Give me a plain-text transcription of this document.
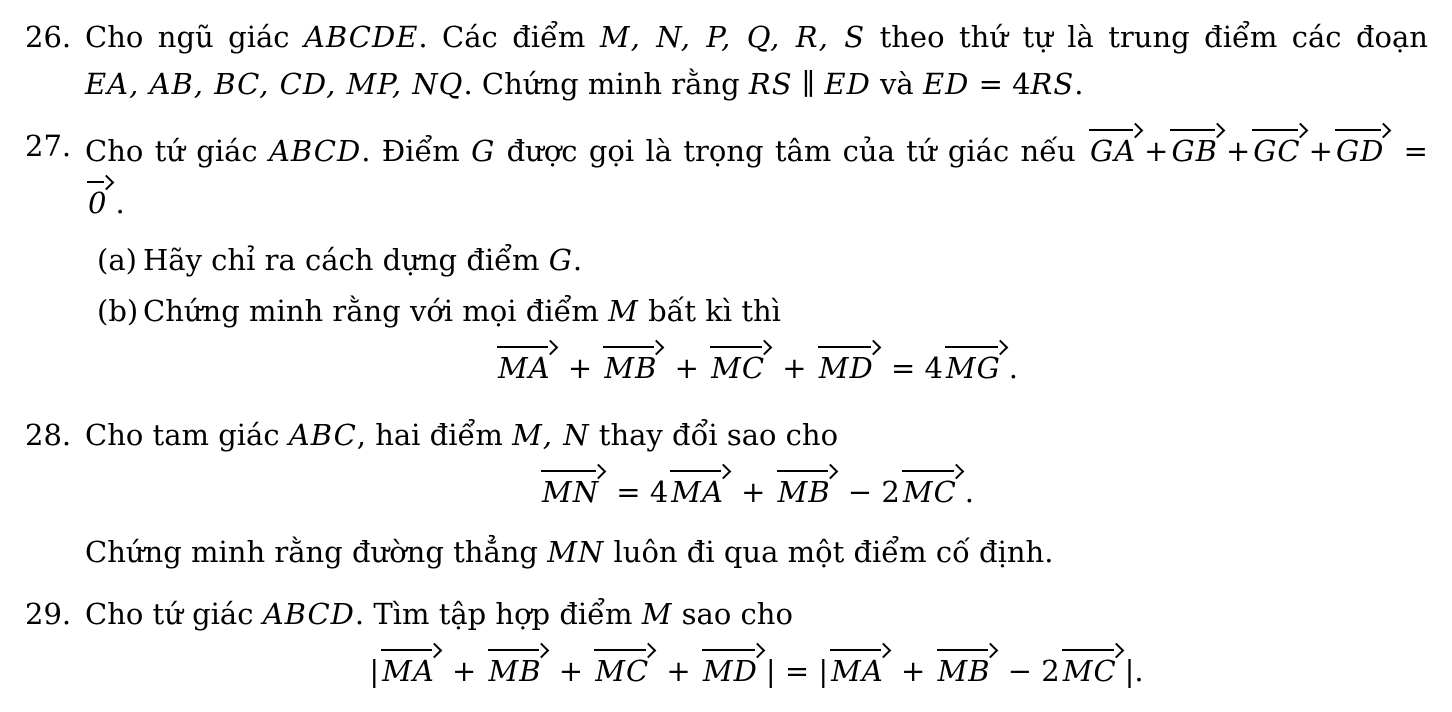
26. Cho ngũ giác ABCDE. Các điểm M, N, P, Q, R, S theo thứ tự là trung điểm các đoạn
EA, AB, BC, CD, MP, NQ. Chứng minh rằng RS ∥ ED và ED = 4RS.
27. Cho tứ giác ABCD. Điểm G được gọi là trọng tâm của tứ giác nếu GA + GB + GC + GD = 0 .
(a) Hãy chỉ ra cách dựng điểm G.
(b) Chứng minh rằng với mọi điểm M bất kì thì
MA + MB + MC + MD = 4 MG .
28. Cho tam giác ABC, hai điểm M, N thay đổi sao cho
MN = 4 MA + MB − 2 MC .
Chứng minh rằng đường thẳng MN luôn đi qua một điểm cố định.
29. Cho tứ giác ABCD. Tìm tập hợp điểm M sao cho
| MA + MB + MC + MD | = | MA + MB − 2 MC |.
